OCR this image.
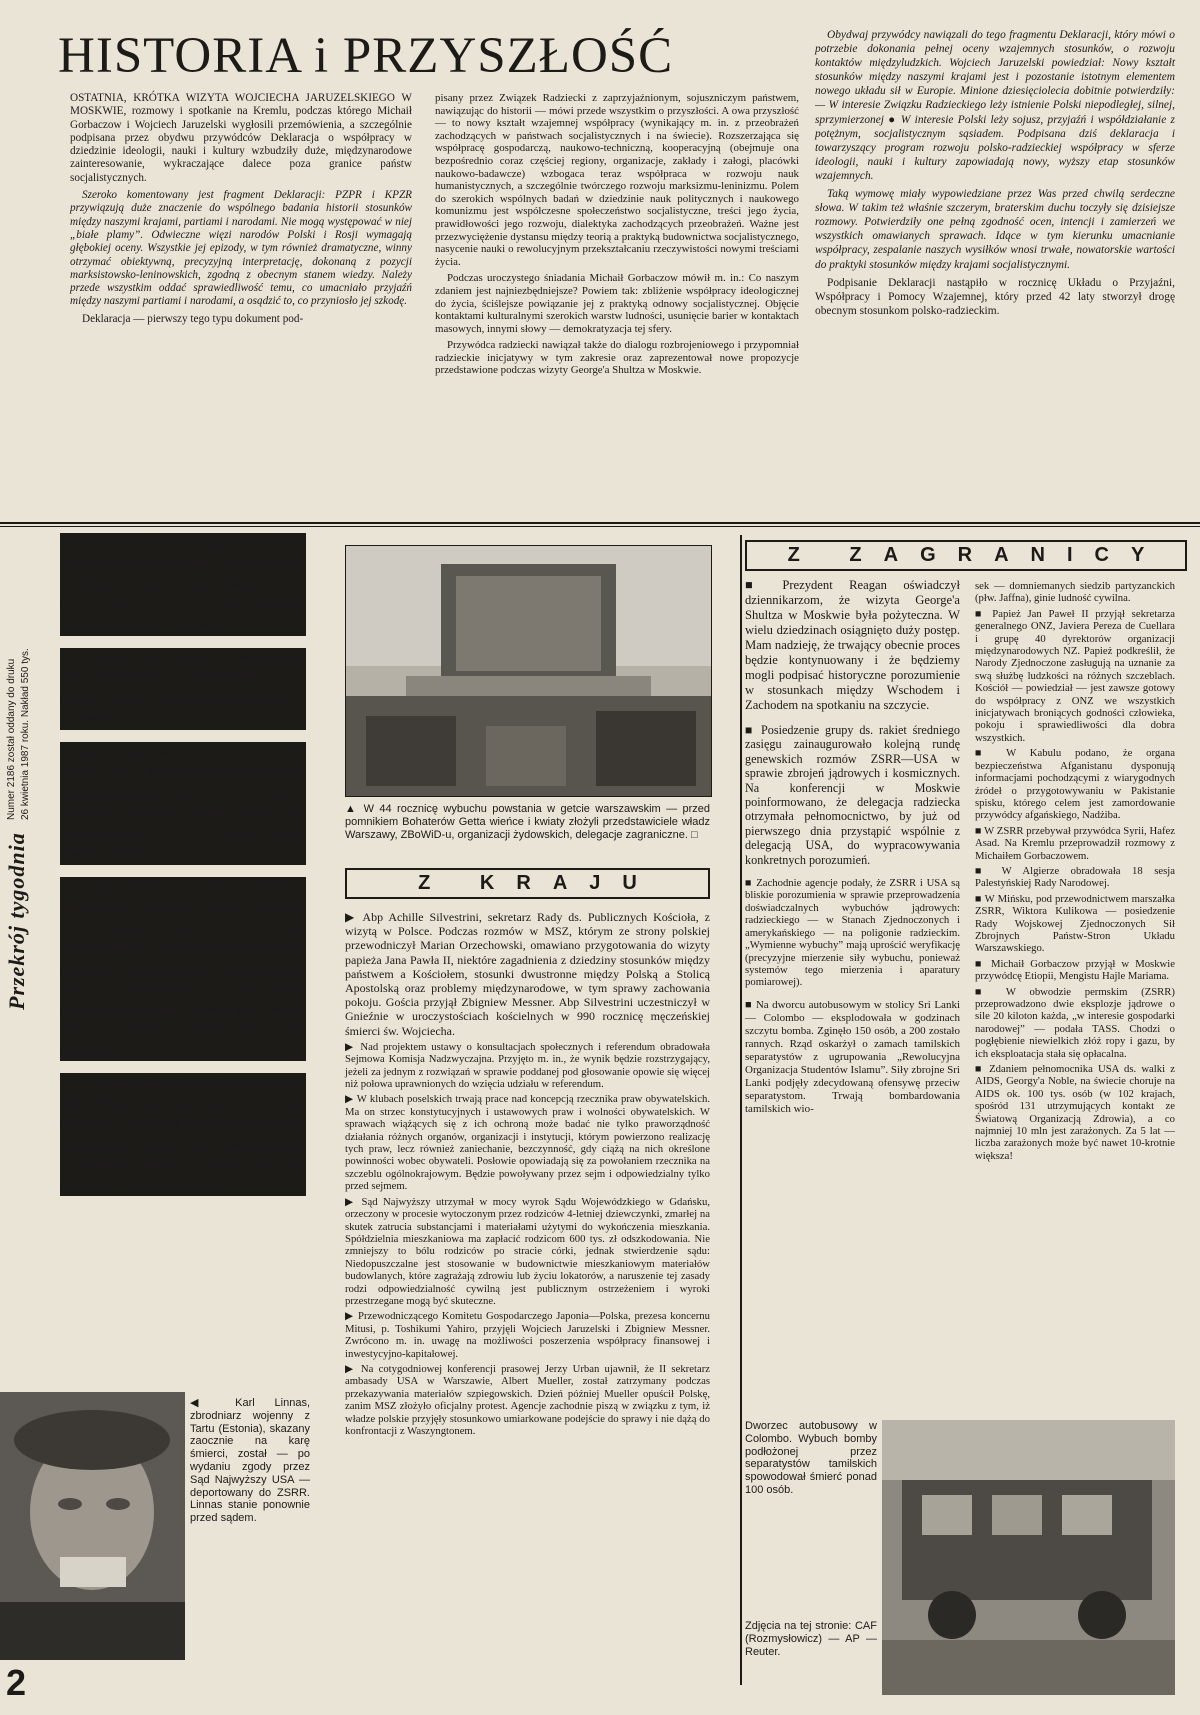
HISTORIA i PRZYSZŁOŚĆ

OSTATNIA, KRÓTKA WIZYTA WOJCIECHA JARUZELSKIEGO W MOSKWIE, rozmowy i spotkanie na Kremlu, podczas którego Michaił Gorbaczow i Wojciech Jaruzelski wygłosili przemówienia, a szczególnie podpisana przez obydwu przywódców Deklaracja o współpracy w dziedzinie ideologii, nauki i kultury wzbudziły duże, międzynarodowe zainteresowanie, wykraczające dalece poza granice państw socjalistycznych.

Szeroko komentowany jest fragment Deklaracji: PZPR i KPZR przywiązują duże znaczenie do wspólnego badania historii stosunków między naszymi krajami, partiami i narodami. Nie mogą występować w niej „białe plamy”. Odwieczne więzi narodów Polski i Rosji wymagają głębokiej oceny. Wszystkie jej epizody, w tym również dramatyczne, winny otrzymać obiektywną, precyzyjną interpretację, dokonaną z pozycji marksistowsko-leninowskich, zgodną z obecnym stanem wiedzy. Należy przede wszystkim oddać sprawiedliwość temu, co umacniało przyjaźń między naszymi partiami i narodami, a osądzić to, co przyniosło jej szkodę.

Deklaracja — pierwszy tego typu dokument pod-

pisany przez Związek Radziecki z zaprzyjaźnionym, sojuszniczym państwem, nawiązując do historii — mówi przede wszystkim o przyszłości. A owa przyszłość — to nowy kształt wzajemnej współpracy (wynikający m. in. z przeobrażeń zachodzących w państwach socjalistycznych i na świecie). Rozszerzająca się współpracę gospodarczą, naukowo-techniczną, kooperacyjną (obejmuje ona bezpośrednio coraz częściej regiony, organizacje, zakłady i załogi, placówki naukowo-badawcze) wzbogaca teraz współpraca w rozwoju nauk humanistycznych, a szczególnie twórczego rozwoju marksizmu-leninizmu. Polem do szerokich wspólnych badań w dziedzinie nauk politycznych i naukowego komunizmu jest współczesne społeczeństwo socjalistyczne, treści jego życia, prawidłowości jego rozwoju, dialektyka zachodzących przeobrażeń. Ważne jest przezwyciężenie dystansu między teorią a praktyką budownictwa socjalistycznego, nasycenie nauki o rewolucyjnym przekształcaniu rzeczywistości nowymi treściami życia.

Podczas uroczystego śniadania Michaił Gorbaczow mówił m. in.: Co naszym zdaniem jest najniezbędniejsze? Powiem tak: zbliżenie współpracy ideologicznej do życia, ściślejsze powiązanie jej z praktyką odnowy socjalistycznej. Objęcie kontaktami kulturalnymi szerokich warstw ludności, usunięcie barier w kontaktach masowych, innymi słowy — demokratyzacja tej sfery.

Przywódca radziecki nawiązał także do dialogu rozbrojeniowego i przypomniał radzieckie inicjatywy w tym zakresie oraz zaprezentował nowe propozycje przedstawione podczas wizyty George'a Shultza w Moskwie.

Obydwaj przywódcy nawiązali do tego fragmentu Deklaracji, który mówi o potrzebie dokonania pełnej oceny wzajemnych stosunków, o rozwoju kontaktów międzyludzkich. Wojciech Jaruzelski powiedział: Nowy kształt stosunków między naszymi krajami jest i pozostanie istotnym elementem nowego układu sił w Europie. Minione dziesięciolecia dobitnie potwierdziły: — W interesie Związku Radzieckiego leży istnienie Polski niepodległej, silnej, sprzymierzonej ● W interesie Polski leży sojusz, przyjaźń i współdziałanie z potężnym, socjalistycznym sąsiadem. Podpisana dziś deklaracja i towarzyszący program rozwoju polsko-radzieckiej współpracy w sferze ideologii, nauki i kultury zapowiadają nowy, wyższy etap stosunków wzajemnych.

Taką wymowę miały wypowiedziane przez Was przed chwilą serdeczne słowa. W takim też właśnie szczerym, braterskim duchu toczyły się dzisiejsze rozmowy. Potwierdziły one pełną zgodność ocen, intencji i zamierzeń we wszystkich omawianych sprawach. Idące w tym kierunku umacnianie współpracy, zespalanie naszych wysiłków wnosi trwałe, nowatorskie wartości do praktyki stosunków między krajami socjalistycznymi.

Podpisanie Deklaracji nastąpiło w rocznicę Układu o Przyjaźni, Współpracy i Pomocy Wzajemnej, który przed 42 laty stworzył drogę obecnym stosunkom polsko-radzieckim.

Numer 2186 został oddany do druku 26 kwietnia 1987 roku. Nakład 550 tys.
Przekrój tygodnia

✶ Narodowa potrzeba — wspólne działanie dla rozwoju narodowego gospodarstwa! ● Rozbroić świat, dać ludziom nadzieję! ● Sprawy ludzi pracy — to sprawy partii! — m. in. te hasła towarzyszą tegorocznym obchodom 1-Majowego święta.

✶ W dniach 6—7 maja — obrady sejmu. Rozpatrywane będą m. in. poselskie projekty ustaw: o zmianie Konstytucji, o konsultacjach społecznych i referendum.

✶ Realizacja przez władze państwowe wniosków I Kongresu PRON była rozpatrywana na wspólnym posiedzeniu prezydiów rządu i KW RK PRON. Premier Messner złożył deklarację dalszej ścisłej współpracy rządu z PRON, także podczas obrad II Kongresu (8—10 V).

✶ W Gdańsku, z udziałem 1200 delegatów, obradował XXI Kongres Techników Polskich. Uczestniczyli Wojciech Jaruzelski i Zbigniew Messner. O tempie rozwoju kraju, jak i o powodzeniu II etapu reformy gospodarczej, decydować będzie w najbliższym czasie postęp naukowo-techniczny — mówił premier. Tymczasem innowacyjność polskiej gospodarki jest znikoma. Te problemy stanowiły główny wątek gdańskich obrad.

✶ W ostatnim tygodniu kwietnia wykonano — podczas obywatelskiego czynu społecznego — wiele prac użytecznych i potrzebnych dla regionów, miast, wsi i zakładów pracy. Odradza się idea czynów społecznych w zmienionej formie: decyduje nie efekt propagandowy, a konkretna potrzeba.

◀ Karl Linnas, zbrodniarz wojenny z Tartu (Estonia), skazany zaocznie na karę śmierci, został — po wydaniu zgody przez Sąd Najwyższy USA — deportowany do ZSRR. Linnas stanie ponownie przed sądem.
2
▲ W 44 rocznicę wybuchu powstania w getcie warszawskim — przed pomnikiem Bohaterów Getta wieńce i kwiaty złożyli przedstawiciele władz Warszawy, ZBoWiD-u, organizacji żydowskich, delegacje zagraniczne. □
Z KRAJU

▶ Abp Achille Silvestrini, sekretarz Rady ds. Publicznych Kościoła, z wizytą w Polsce. Podczas rozmów w MSZ, którym ze strony polskiej przewodniczył Marian Orzechowski, omawiano przygotowania do wizyty papieża Jana Pawła II, niektóre zagadnienia z dziedziny stosunków między państwem a Kościołem, stosunki dwustronne między Polską a Stolicą Apostolską oraz problemy międzynarodowe, w tym sprawy zachowania pokoju. Gościa przyjął Zbigniew Messner. Abp Silvestrini uczestniczył w Gnieźnie w uroczystościach kościelnych w 990 rocznicę męczeńskiej śmierci św. Wojciecha.

▶ Nad projektem ustawy o konsultacjach społecznych i referendum obradowała Sejmowa Komisja Nadzwyczajna. Przyjęto m. in., że wynik będzie rozstrzygający, jeżeli za jednym z rozwiązań w sprawie poddanej pod głosowanie opowie się więcej niż połowa uprawnionych do wzięcia udziału w referendum.

▶ W klubach poselskich trwają prace nad koncepcją rzecznika praw obywatelskich. Ma on strzec konstytucyjnych i ustawowych praw i wolności obywatelskich. W sprawach wiążących się z ich ochroną może badać nie tylko praworządność działania różnych organów, organizacji i instytucji, którym powierzono realizację tych praw, lecz również zaniechanie, bezczynność, gdy ciążą na nich określone powinności wobec obywateli. Posłowie opowiadają się za powołaniem rzecznika na szczeblu ogólnokrajowym. Będzie powoływany przez sejm i odpowiedzialny tylko przed sejmem.

▶ Sąd Najwyższy utrzymał w mocy wyrok Sądu Wojewódzkiego w Gdańsku, orzeczony w procesie wytoczonym przez rodziców 4-letniej dziewczynki, zmarłej na skutek zatrucia substancjami i materiałami użytymi do wykończenia mieszkania. Spółdzielnia mieszkaniowa ma zapłacić rodzicom 600 tys. zł odszkodowania. Nie zmniejszy to bólu rodziców po stracie córki, jednak stwierdzenie sądu: Niedopuszczalne jest stosowanie w budownictwie mieszkaniowym materiałów budowlanych, które zagrażają zdrowiu lub życiu lokatorów, a naruszenie tej zasady rodzi odpowiedzialność cywilną jest publicznym ostrzeżeniem i wyroki przestrzegane mogą być skuteczne.

▶ Przewodniczącego Komitetu Gospodarczego Japonia—Polska, prezesa koncernu Mitusi, p. Toshikumi Yahiro, przyjęli Wojciech Jaruzelski i Zbigniew Messner. Zwrócono m. in. uwagę na możliwości poszerzenia współpracy finansowej i inwestycyjno-kapitałowej.

▶ Na cotygodniowej konferencji prasowej Jerzy Urban ujawnił, że II sekretarz ambasady USA w Warszawie, Albert Mueller, został zatrzymany podczas przekazywania materiałów szpiegowskich. Dzień później Mueller opuścił Polskę, zanim MSZ złożyło oficjalny protest. Agencje zachodnie piszą w związku z tym, iż władze polskie przyjęły stosunkowo umiarkowane podejście do sprawy i nie dążą do konfrontacji z Waszyngtonem.

Z ZAGRANICY

■ Prezydent Reagan oświadczył dziennikarzom, że wizyta George'a Shultza w Moskwie była pożyteczna. W wielu dziedzinach osiągnięto duży postęp. Mam nadzieję, że trwający obecnie proces będzie kontynuowany i że będziemy mogli podpisać historyczne porozumienie w stosunkach między Wschodem i Zachodem na spotkaniu na szczycie.

■ Posiedzenie grupy ds. rakiet średniego zasięgu zainaugurowało kolejną rundę genewskich rozmów ZSRR—USA w sprawie zbrojeń jądrowych i kosmicznych. Na konferencji w Moskwie poinformowano, że delegacja radziecka otrzymała pełnomocnictwo, by już od pierwszego dnia przystąpić wspólnie z delegacją USA, do wypracowywania konkretnych porozumień.

■ Zachodnie agencje podały, że ZSRR i USA są bliskie porozumienia w sprawie przeprowadzenia doświadczalnych wybuchów jądrowych: radzieckiego — w Stanach Zjednoczonych i amerykańskiego — na poligonie radzieckim. „Wymienne wybuchy” mają uprościć weryfikację (precyzyjne mierzenie siły wybuchu, ponieważ systemów tego mierzenia i aparatury pomiarowej).

■ Na dworcu autobusowym w stolicy Sri Lanki — Colombo — eksplodowała w godzinach szczytu bomba. Zginęło 150 osób, a 200 zostało rannych. Rząd oskarżył o zamach tamilskich separatystów z ugrupowania „Rewolucyjna Organizacja Studentów Islamu”. Siły zbrojne Sri Lanki podjęły zdecydowaną ofensywę przeciw separatystom. Trwają bombardowania tamilskich wio-

sek — domniemanych siedzib partyzanckich (płw. Jaffna), ginie ludność cywilna.

■ Papież Jan Paweł II przyjął sekretarza generalnego ONZ, Javiera Pereza de Cuellara i grupę 40 dyrektorów organizacji międzynarodowych NZ. Papież podkreślił, że Narody Zjednoczone zasługują na uznanie za swą służbę ludzkości na różnych szczeblach. Kościół — powiedział — jest zawsze gotowy do współpracy z ONZ we wszystkich inicjatywach broniących godności człowieka, pokoju i sprawiedliwości dla dobra wszystkich.

■ W Kabulu podano, że organa bezpieczeństwa Afganistanu dysponują informacjami pochodzącymi z wiarygodnych źródeł o przygotowywaniu w Pakistanie spisku, którego celem jest zamordowanie przywódcy afgańskiego, Nadżiba.

■ W ZSRR przebywał przywódca Syrii, Hafez Asad. Na Kremlu przeprowadził rozmowy z Michaiłem Gorbaczowem.

■ W Algierze obradowała 18 sesja Palestyńskiej Rady Narodowej.

■ W Mińsku, pod przewodnictwem marszałka ZSRR, Wiktora Kulikowa — posiedzenie Rady Wojskowej Zjednoczonych Sił Zbrojnych Państw-Stron Układu Warszawskiego.

■ Michaił Gorbaczow przyjął w Moskwie przywódcę Etiopii, Mengistu Hajle Mariama.

■ W obwodzie permskim (ZSRR) przeprowadzono dwie eksplozje jądrowe o sile 20 kiloton każda, „w interesie gospodarki narodowej” — podała TASS. Chodzi o pogłębienie niewielkich złóż ropy i gazu, by ich eksploatacja stała się opłacalna.

■ Zdaniem pełnomocnika USA ds. walki z AIDS, Georgy'a Noble, na świecie choruje na AIDS ok. 100 tys. osób (w 102 krajach, spośród 131 utrzymujących kontakt ze Światową Organizacją Zdrowia), a co najmniej 10 mln jest zarażonych. Za 5 lat — liczba zarażonych może być nawet 10-krotnie większa!

Dworzec autobusowy w Colombo. Wybuch bomby podłożonej przez separatystów tamilskich spowodował śmierć ponad 100 osób.
Zdjęcia na tej stronie: CAF (Rozmysłowicz) — AP — Reuter.
